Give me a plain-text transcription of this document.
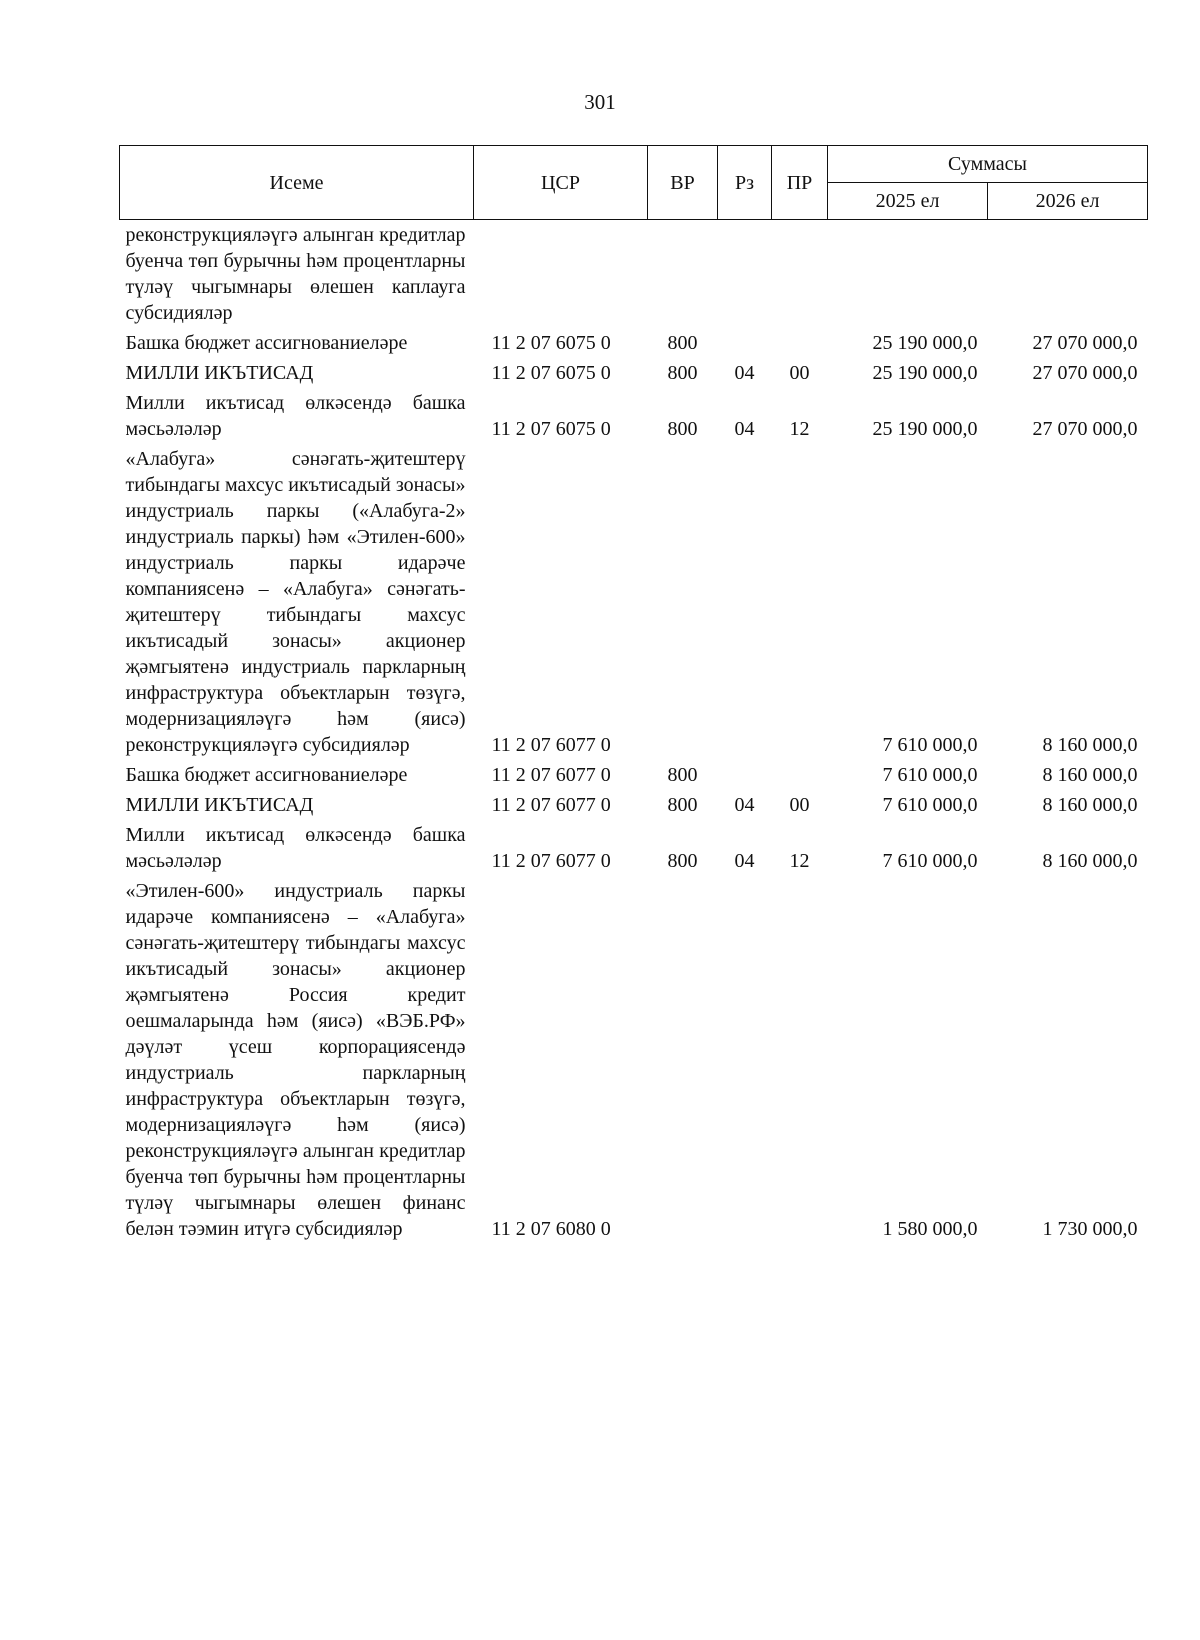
301
Исеме	ЦСР	ВР	Рз	ПР	Суммасы	
					2025 ел	2026 ел
реконструкцияләүгә алынган кредитлар буенча төп бурычны һәм процентларны түләү чыгымнары өлешен каплауга субсидияләр						
Башка бюджет ассигнованиеләре	11 2 07 6075 0	800			25 190 000,0	27 070 000,0
МИЛЛИ ИКЪТИСАД	11 2 07 6075 0	800	04	00	25 190 000,0	27 070 000,0
Милли икътисад өлкәсендә башка мәсьәләләр	11 2 07 6075 0	800	04	12	25 190 000,0	27 070 000,0
«Алабуга» сәнәгать-җитештерү тибындагы махсус икътисадый зонасы» индустриаль паркы («Алабуга-2» индустриаль паркы) һәм «Этилен-600» индустриаль паркы идарәче компаниясенә – «Алабуга» сәнәгать-җитештерү тибындагы махсус икътисадый зонасы» акционер җәмгыятенә индустриаль паркларның инфраструктура объектларын төзүгә, модернизацияләүгә һәм (яисә) реконструкцияләүгә субсидияләр	11 2 07 6077 0				7 610 000,0	8 160 000,0
Башка бюджет ассигнованиеләре	11 2 07 6077 0	800			7 610 000,0	8 160 000,0
МИЛЛИ ИКЪТИСАД	11 2 07 6077 0	800	04	00	7 610 000,0	8 160 000,0
Милли икътисад өлкәсендә башка мәсьәләләр	11 2 07 6077 0	800	04	12	7 610 000,0	8 160 000,0
«Этилен-600» индустриаль паркы идарәче компаниясенә – «Алабуга» сәнәгать-җитештерү тибындагы махсус икътисадый зонасы» акционер җәмгыятенә Россия кредит оешмаларында һәм (яисә) «ВЭБ.РФ» дәүләт үсеш корпорациясендә индустриаль паркларның инфраструктура объектларын төзүгә, модернизацияләүгә һәм (яисә) реконструкцияләүгә алынган кредитлар буенча төп бурычны һәм процентларны түләү чыгымнары өлешен финанс белән тәэмин итүгә субсидияләр	11 2 07 6080 0				1 580 000,0	1 730 000,0
